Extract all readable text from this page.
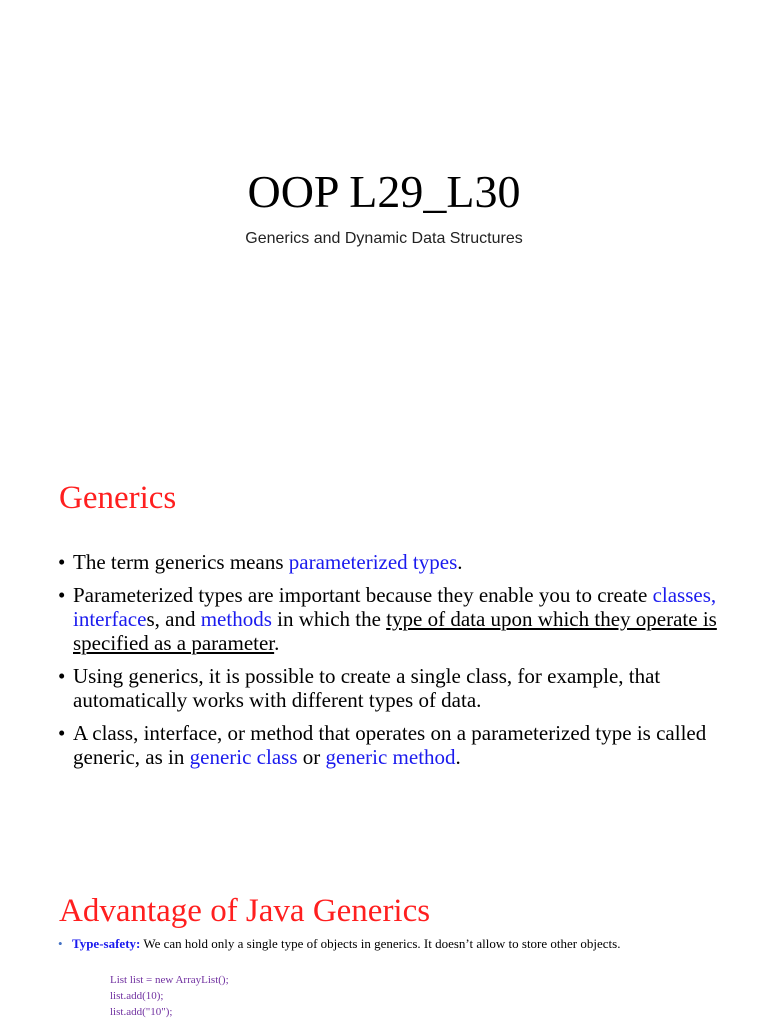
OOP L29_L30
Generics and Dynamic Data Structures
Generics
• The term generics means parameterized types.
• Parameterized types are important because they enable you to create classes, interfaces, and methods in which the type of data upon which they operate is specified as a parameter.
• Using generics, it is possible to create a single class, for example, that automatically works with different types of data.
• A class, interface, or method that operates on a parameterized type is called generic, as in generic class or generic method.
Advantage of Java Generics
• Type-safety: We can hold only a single type of objects in generics. It doesn’t allow to store other objects.
List list = new ArrayList();
list.add(10);
list.add("10");
